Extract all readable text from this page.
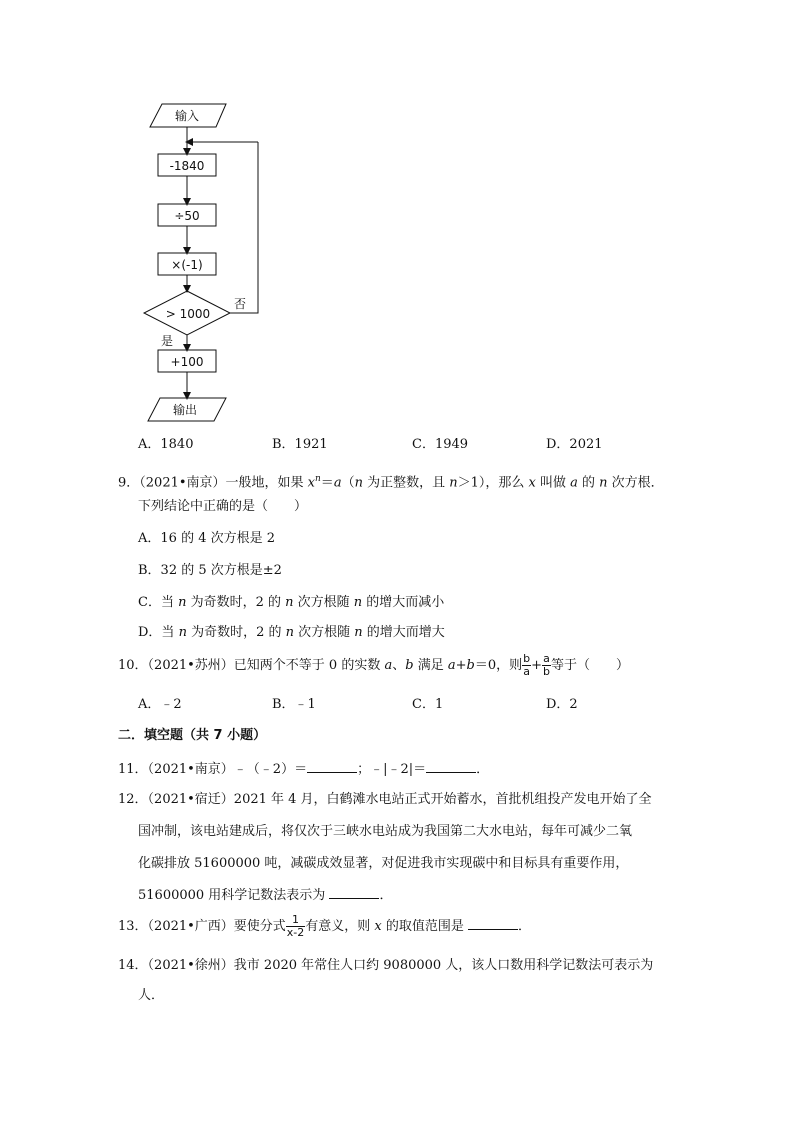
输入
-1840
÷50
×(-1)
> 1000
否
是
+100
输出
A．1840	B．1921	C．1949	D．2021
9．（2021•南京）一般地，如果 $x^n=a(n$ 为正整数，且 n＞1），那么 x 叫做 a 的 n 次方根．
下列结论中正确的是（　　）
A．16 的 4 次方根是 2
B．32 的 5 次方根是±2
C．当 n 为奇数时，2 的 n 次方根随 n 的增大而减小
D．当 n 为奇数时，2 的 n 次方根随 n 的增大而增大
10．（2021•苏州）已知两个不等于 0 的实数 a、b 满足 a+b＝0，则 $\frac{b}{a} + \frac{a}{b}$ 等于（　　）
A．﹣2	B．﹣1	C．1	D．2
二．填空题（共 7 小题）
11．（2021•南京）﹣（﹣2）＝	；﹣|﹣2|＝	．
12．（2021•宿迁）2021 年 4 月，白鹤滩水电站正式开始蓄水，首批机组投产发电开始了全
国冲制，该电站建成后，将仅次于三峡水电站成为我国第二大水电站，每年可减少二氧
化碳排放 51600000 吨，减碳成效显著，对促进我市实现碳中和目标具有重要作用，
51600000 用科学记数法表示为	．
13．（2021•广西）要使分式 $\frac{1}{x-2}$ 有意义，则 x 的取值范围是	．
14．（2021•徐州）我市 2020 年常住人口约 9080000 人，该人口数用科学记数法可表示为
人．
